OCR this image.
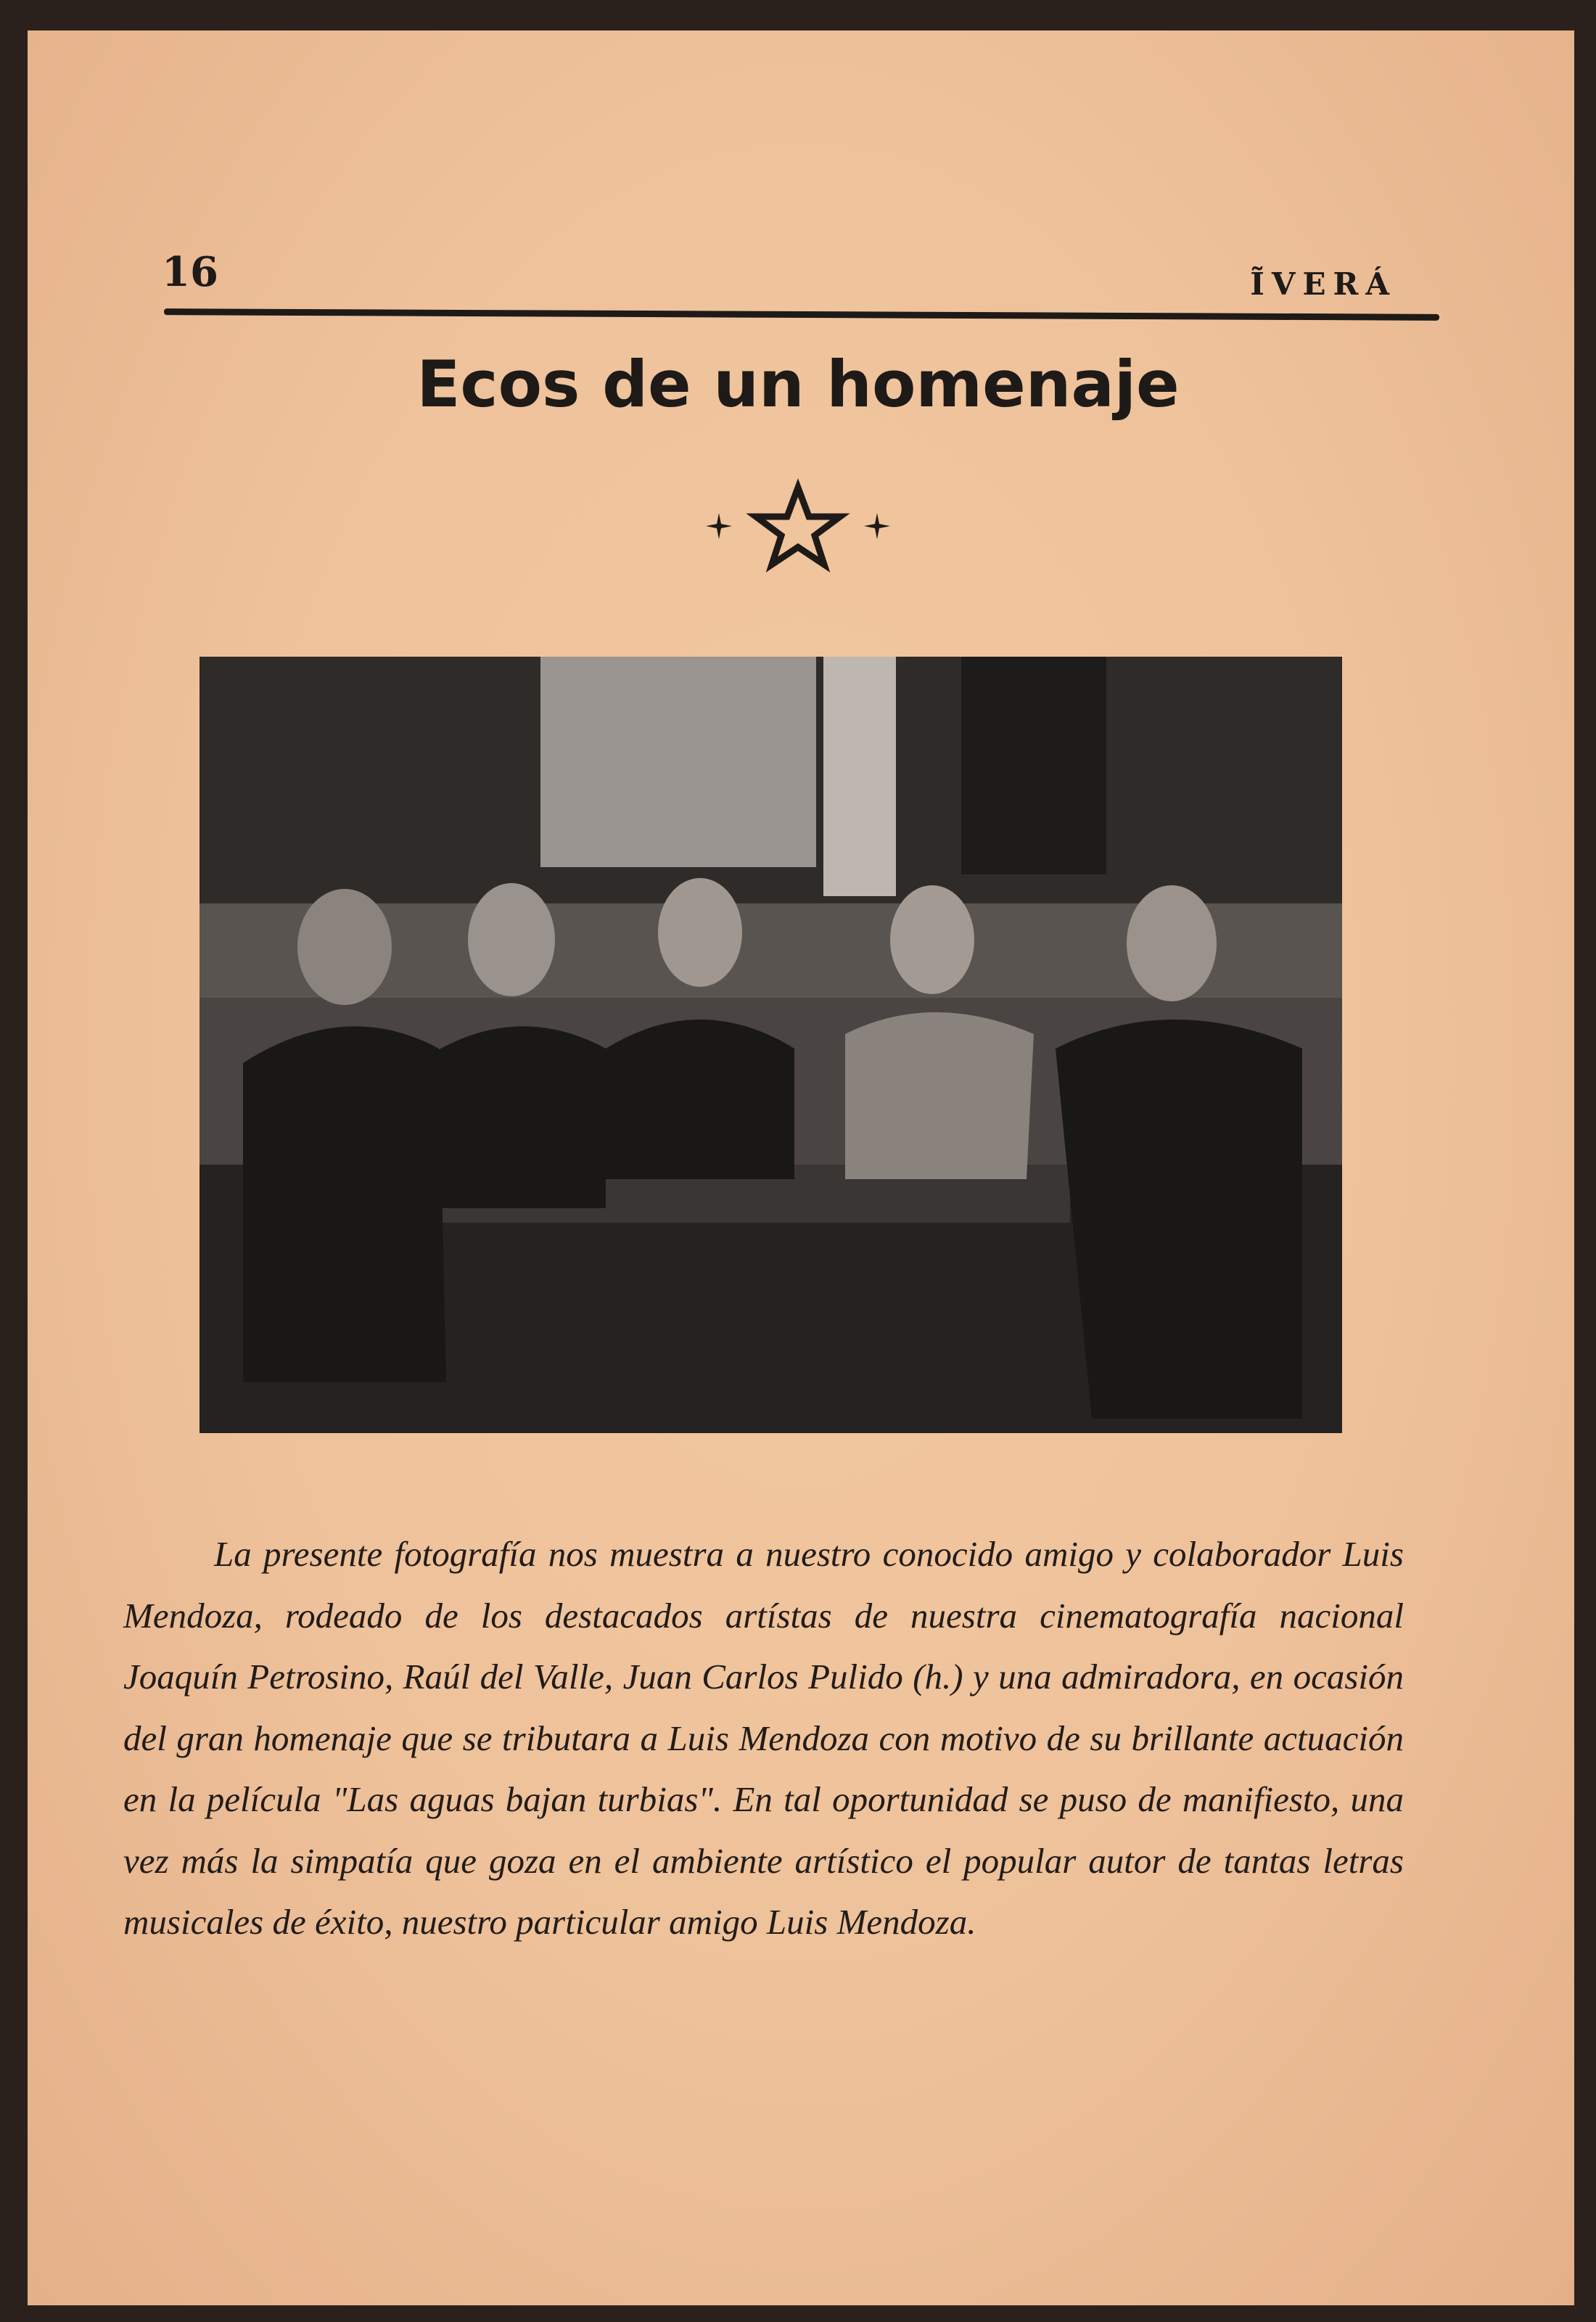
16	ĨVERÁ
Ecos de un homenaje

La presente fotografía nos muestra a nuestro conocido amigo y colaborador Luis Mendoza, rodeado de los destacados artístas de nuestra cinematografía nacional Joaquín Petrosino, Raúl del Valle, Juan Carlos Pulido (h.) y una admiradora, en ocasión del gran homenaje que se tributara a Luis Mendoza con motivo de su brillante actuación en la película "Las aguas bajan turbias". En tal oportunidad se puso de manifiesto, una vez más la simpatía que goza en el ambiente artístico el popular autor de tantas letras musicales de éxito, nuestro particular amigo Luis Mendoza.
